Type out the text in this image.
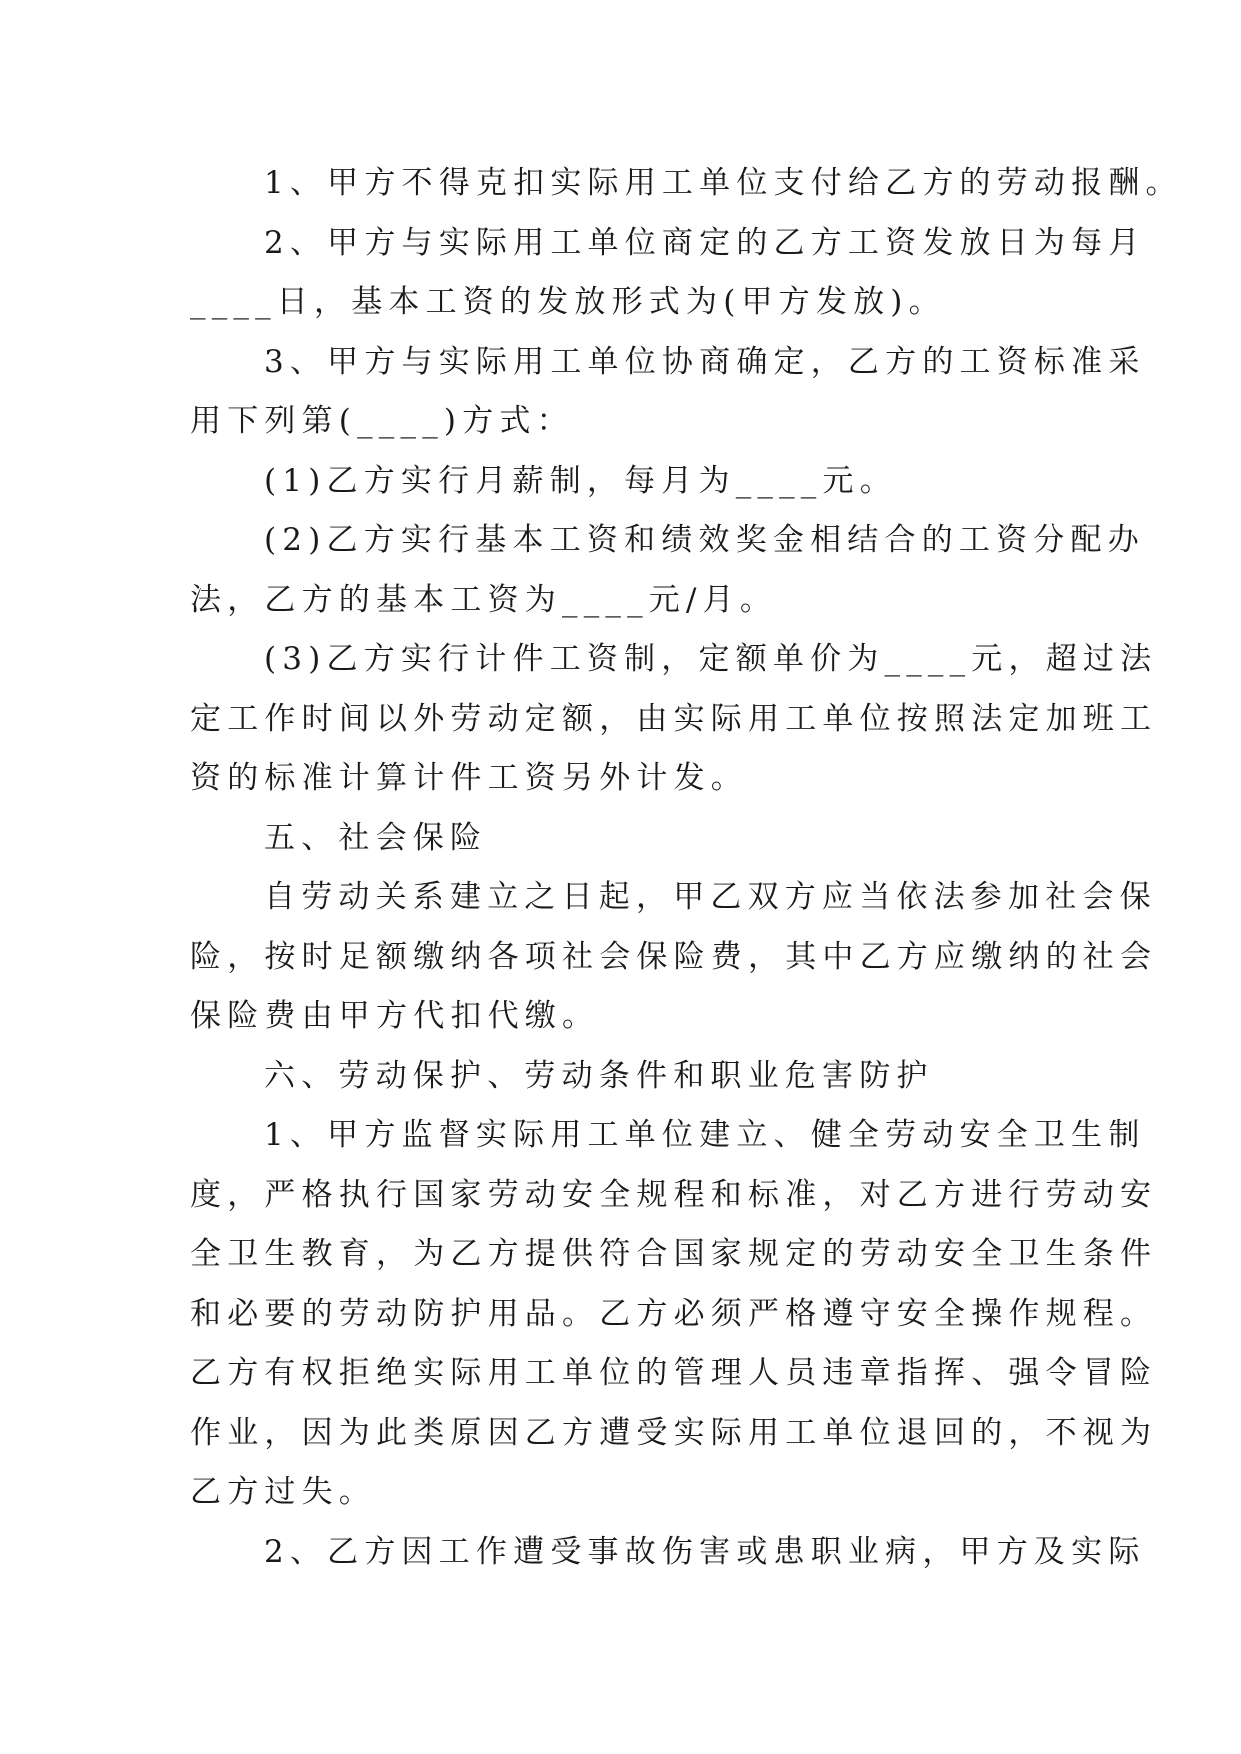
1、甲方不得克扣实际用工单位支付给乙方的劳动报酬。
2、甲方与实际用工单位商定的乙方工资发放日为每月
____日，基本工资的发放形式为(甲方发放)。
3、甲方与实际用工单位协商确定，乙方的工资标准采
用下列第(____)方式：
(1)乙方实行月薪制，每月为____元。
(2)乙方实行基本工资和绩效奖金相结合的工资分配办
法，乙方的基本工资为____元/月。
(3)乙方实行计件工资制，定额单价为____元，超过法
定工作时间以外劳动定额，由实际用工单位按照法定加班工
资的标准计算计件工资另外计发。
五、社会保险
自劳动关系建立之日起，甲乙双方应当依法参加社会保
险，按时足额缴纳各项社会保险费，其中乙方应缴纳的社会
保险费由甲方代扣代缴。
六、劳动保护、劳动条件和职业危害防护
1、甲方监督实际用工单位建立、健全劳动安全卫生制
度，严格执行国家劳动安全规程和标准，对乙方进行劳动安
全卫生教育，为乙方提供符合国家规定的劳动安全卫生条件
和必要的劳动防护用品。乙方必须严格遵守安全操作规程。
乙方有权拒绝实际用工单位的管理人员违章指挥、强令冒险
作业，因为此类原因乙方遭受实际用工单位退回的，不视为
乙方过失。
2、乙方因工作遭受事故伤害或患职业病，甲方及实际
